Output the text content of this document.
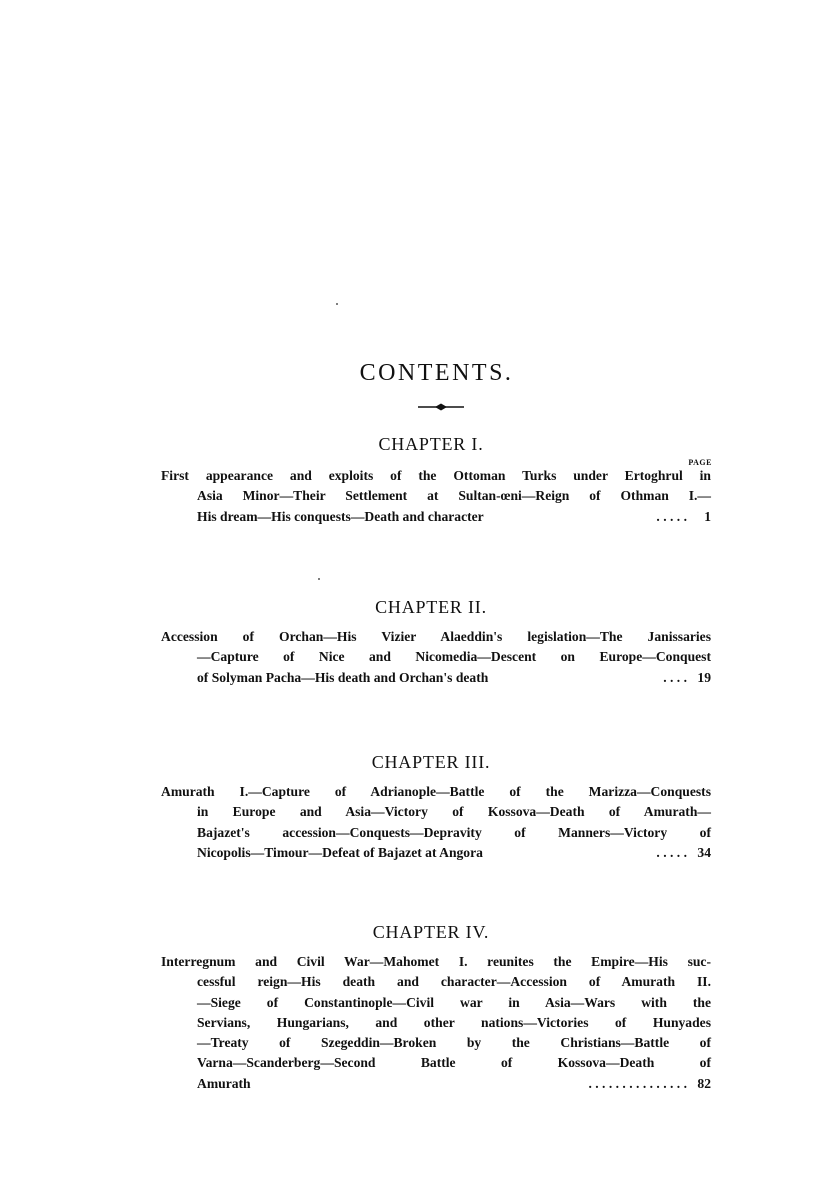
CONTENTS.
CHAPTER I.
PAGE
First appearance and exploits of the Ottoman Turks under Ertoghrul in
Asia Minor—Their Settlement at Sultan-œni—Reign of Othman I.—
His dream—His conquests—Death and character	. . . . .	1
CHAPTER II.
Accession of Orchan—His Vizier Alaeddin's legislation—The Janissaries
—Capture of Nice and Nicomedia—Descent on Europe—Conquest
of Solyman Pacha—His death and Orchan's death	. . . . 19
CHAPTER III.
Amurath I.—Capture of Adrianople—Battle of the Marizza—Conquests
in Europe and Asia—Victory of Kossova—Death of Amurath—
Bajazet's accession—Conquests—Depravity of Manners—Victory of
Nicopolis—Timour—Defeat of Bajazet at Angora	. . . . . 34
CHAPTER IV.
Interregnum and Civil War—Mahomet I. reunites the Empire—His suc-
cessful reign—His death and character—Accession of Amurath II.
—Siege of Constantinople—Civil war in Asia—Wars with the
Servians, Hungarians, and other nations—Victories of Hunyades
—Treaty of Szegeddin—Broken by the Christians—Battle of
Varna—Scanderberg—Second Battle of Kossova—Death of
Amurath	. . . . . . . . . . . . . . . 82
